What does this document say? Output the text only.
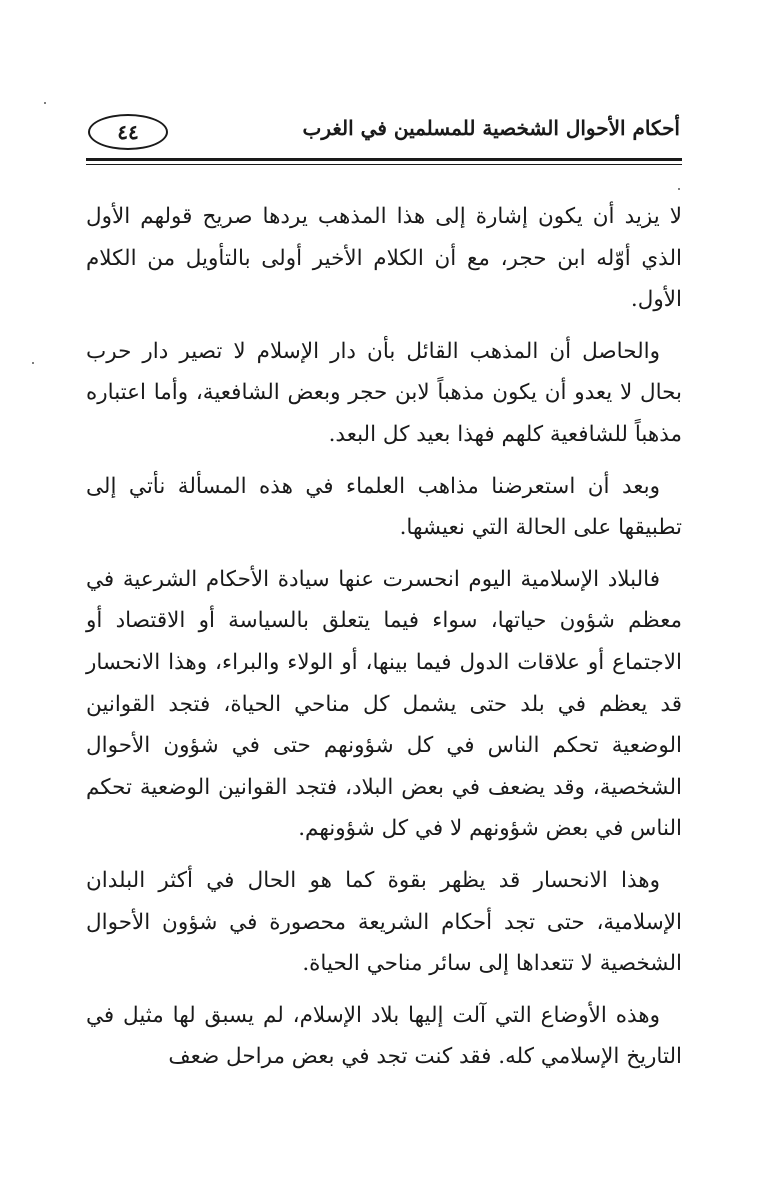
أحكام الأحوال الشخصية للمسلمين في الغرب
٤٤

لا يزيد أن يكون إشارة إلى هذا المذهب يردها صريح قولهم الأول الذي أوّله ابن حجر، مع أن الكلام الأخير أولى بالتأويل من الكلام الأول.

والحاصل أن المذهب القائل بأن دار الإسلام لا تصير دار حرب بحال لا يعدو أن يكون مذهباً لابن حجر وبعض الشافعية، وأما اعتباره مذهباً للشافعية كلهم فهذا بعيد كل البعد.

وبعد أن استعرضنا مذاهب العلماء في هذه المسألة نأتي إلى تطبيقها على الحالة التي نعيشها.

فالبلاد الإسلامية اليوم انحسرت عنها سيادة الأحكام الشرعية في معظم شؤون حياتها، سواء فيما يتعلق بالسياسة أو الاقتصاد أو الاجتماع أو علاقات الدول فيما بينها، أو الولاء والبراء، وهذا الانحسار قد يعظم في بلد حتى يشمل كل مناحي الحياة، فتجد القوانين الوضعية تحكم الناس في كل شؤونهم حتى في شؤون الأحوال الشخصية، وقد يضعف في بعض البلاد، فتجد القوانين الوضعية تحكم الناس في بعض شؤونهم لا في كل شؤونهم.

وهذا الانحسار قد يظهر بقوة كما هو الحال في أكثر البلدان الإسلامية، حتى تجد أحكام الشريعة محصورة في شؤون الأحوال الشخصية لا تتعداها إلى سائر مناحي الحياة.

وهذه الأوضاع التي آلت إليها بلاد الإسلام، لم يسبق لها مثيل في التاريخ الإسلامي كله. فقد كنت تجد في بعض مراحل ضعف
